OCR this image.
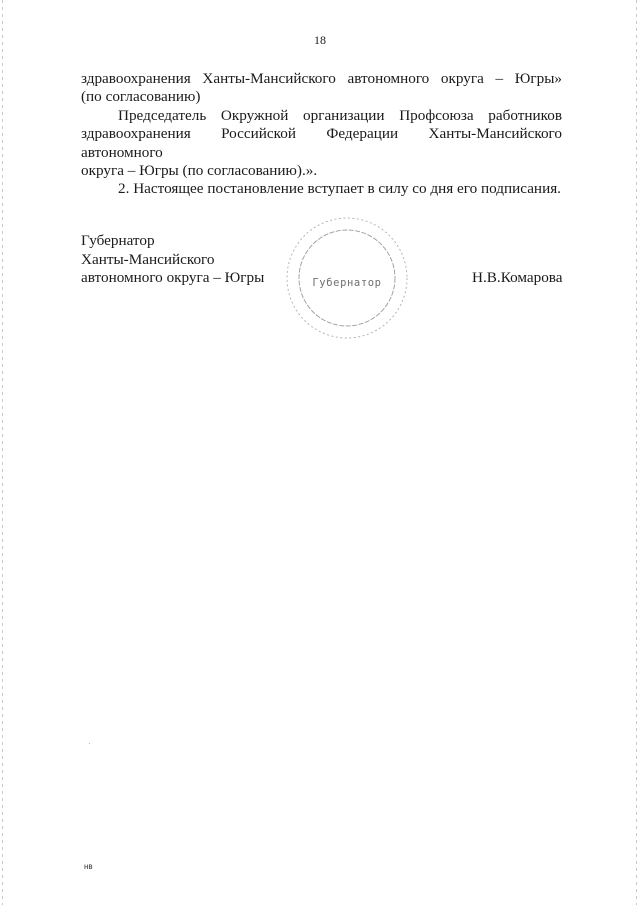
18
здравоохранения Ханты-Мансийского автономного округа – Югры»
(по согласованию)
Председатель Окружной организации Профсоюза работников
здравоохранения Российской Федерации Ханты-Мансийского автономного
округа – Югры (по согласованию).».
2. Настоящее постановление вступает в силу со дня его подписания.
Губернатор
Ханты-Мансийского
автономного округа – Югры	Губернатор	Н.В.Комарова
нв
